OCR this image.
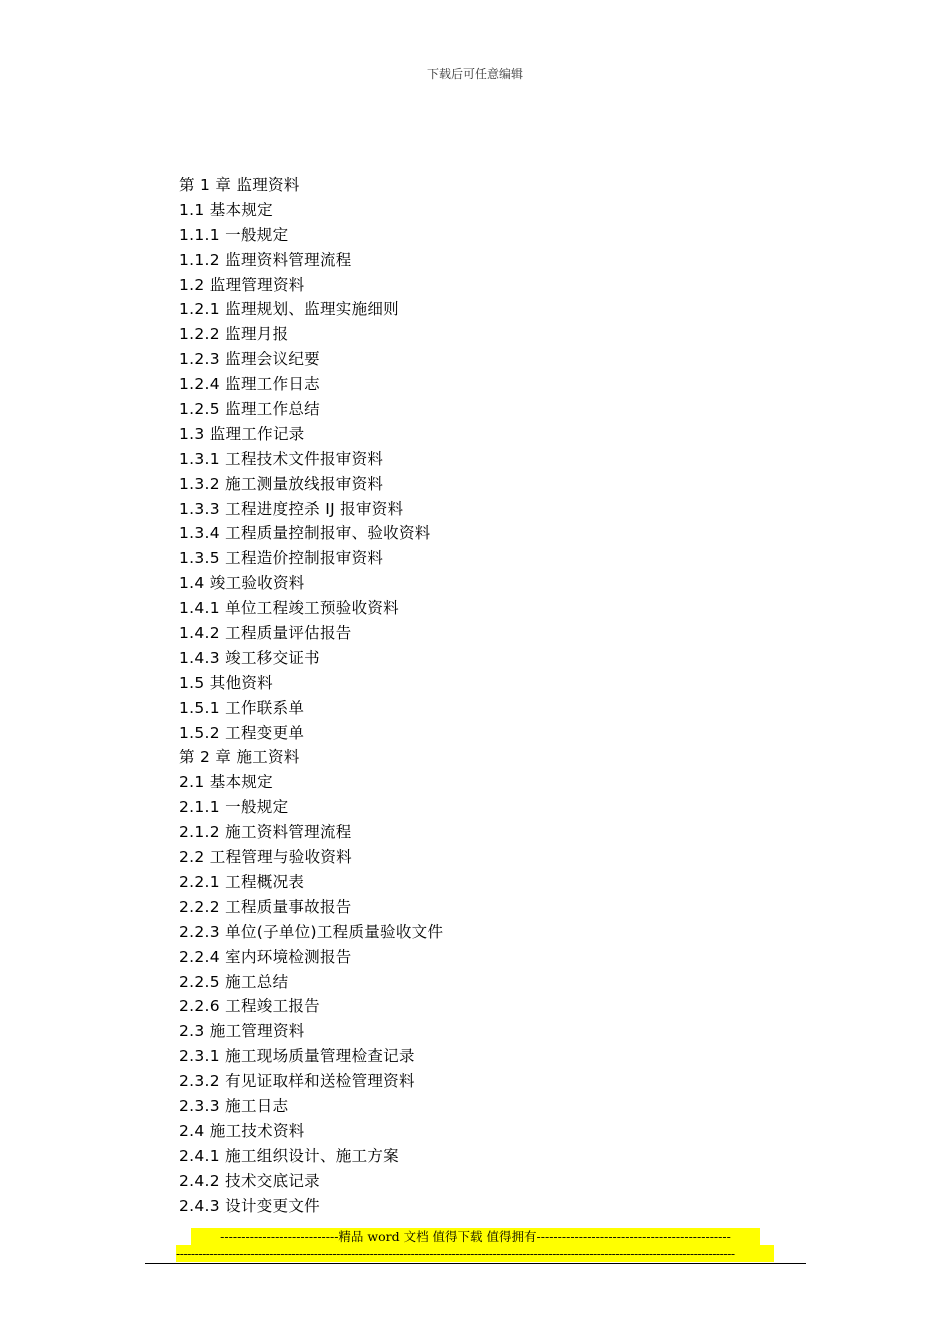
下载后可任意编辑
第 1 章 监理资料
1.1 基本规定
1.1.1 一般规定
1.1.2 监理资料管理流程
1.2 监理管理资料
1.2.1 监理规划、监理实施细则
1.2.2 监理月报
1.2.3 监理会议纪要
1.2.4 监理工作日志
1.2.5 监理工作总结
1.3 监理工作记录
1.3.1 工程技术文件报审资料
1.3.2 施工测量放线报审资料
1.3.3 工程进度控杀 IJ 报审资料
1.3.4 工程质量控制报审、验收资料
1.3.5 工程造价控制报审资料
1.4 竣工验收资料
1.4.1 单位工程竣工预验收资料
1.4.2 工程质量评估报告
1.4.3 竣工移交证书
1.5 其他资料
1.5.1 工作联系单
1.5.2 工程变更单
第 2 章 施工资料
2.1 基本规定
2.1.1 一般规定
2.1.2 施工资料管理流程
2.2 工程管理与验收资料
2.2.1 工程概况表
2.2.2 工程质量事故报告
2.2.3 单位(子单位)工程质量验收文件
2.2.4 室内环境检测报告
2.2.5 施工总结
2.2.6 工程竣工报告
2.3 施工管理资料
2.3.1 施工现场质量管理检查记录
2.3.2 有见证取样和送检管理资料
2.3.3 施工日志
2.4 施工技术资料
2.4.1 施工组织设计、施工方案
2.4.2 技术交底记录
2.4.3 设计变更文件
----------------------------精品 word 文档 值得下载 值得拥有----------------------------------------------
------------------------------------------------------------------------------------------------------------------------------------------------------
